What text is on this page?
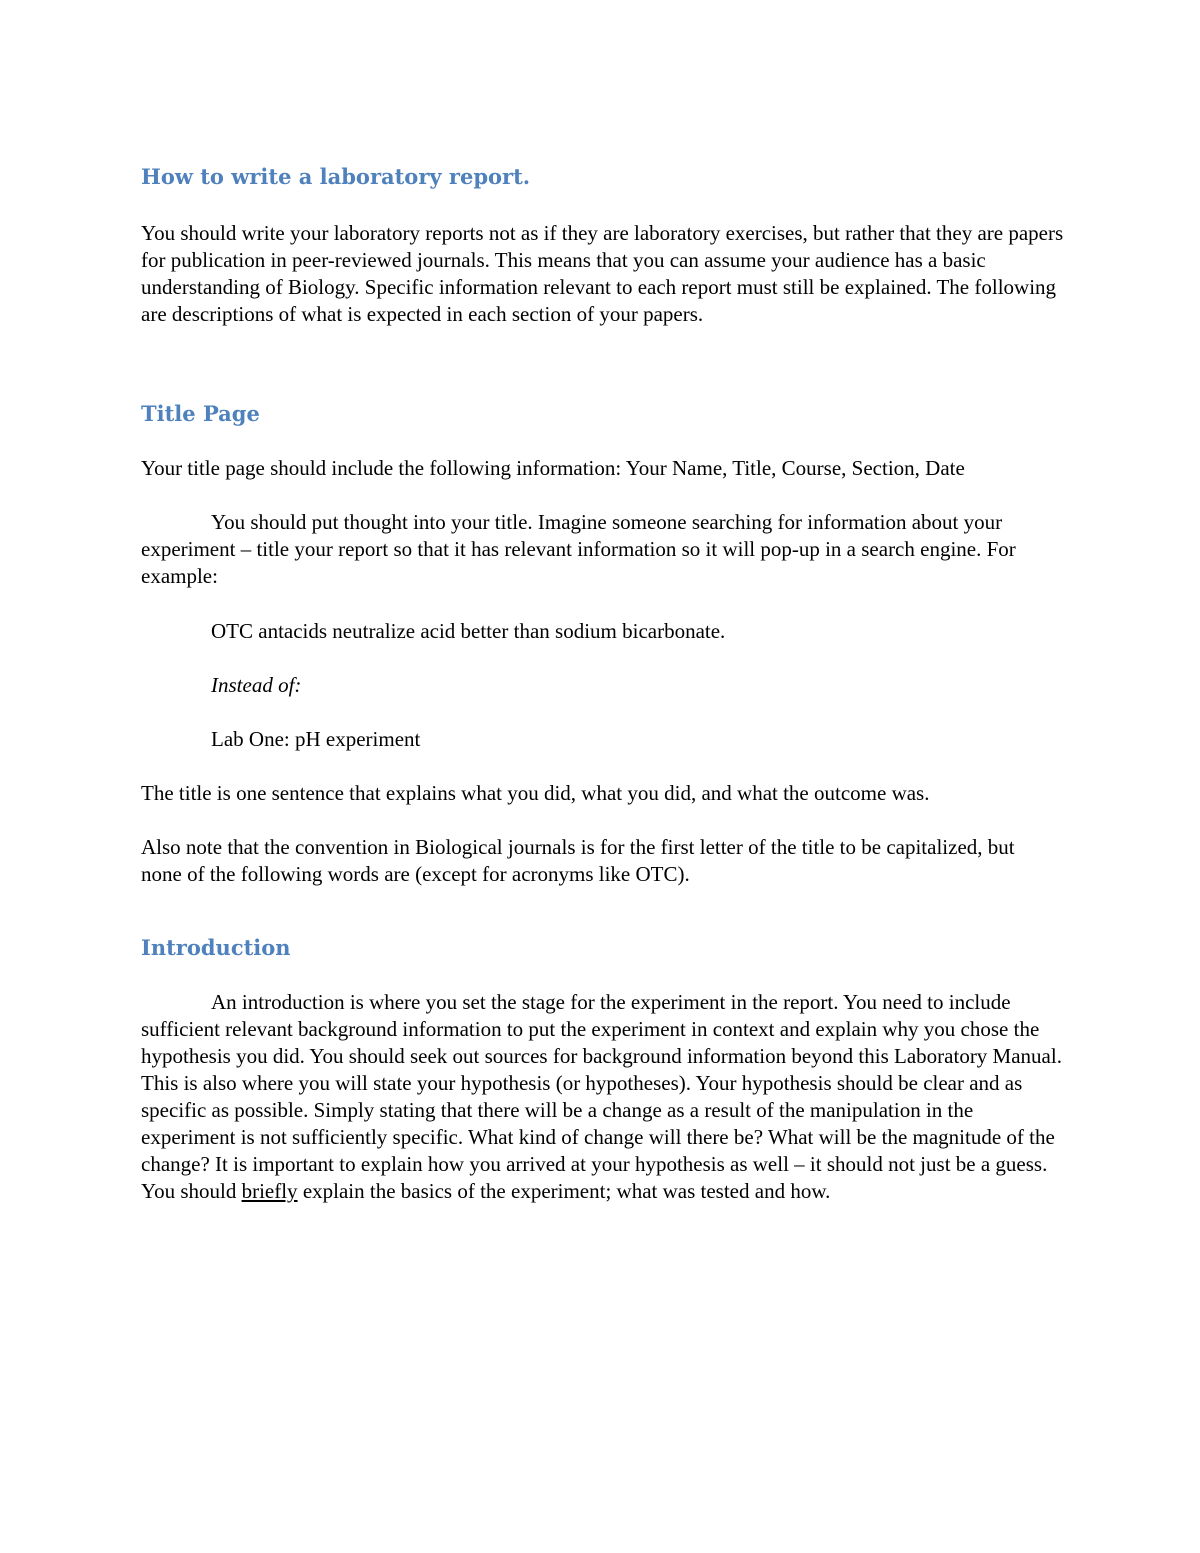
How to write a laboratory report.

You should write your laboratory reports not as if they are laboratory exercises, but rather that they are papers for publication in peer-reviewed journals. This means that you can assume your audience has a basic understanding of Biology. Specific information relevant to each report must still be explained. The following are descriptions of what is expected in each section of your papers.

Title Page

Your title page should include the following information: Your Name, Title, Course, Section, Date

You should put thought into your title. Imagine someone searching for information about your experiment – title your report so that it has relevant information so it will pop-up in a search engine. For example:

OTC antacids neutralize acid better than sodium bicarbonate.

Instead of:

Lab One: pH experiment

The title is one sentence that explains what you did, what you did, and what the outcome was.

Also note that the convention in Biological journals is for the first letter of the title to be capitalized, but none of the following words are (except for acronyms like OTC).

Introduction

An introduction is where you set the stage for the experiment in the report. You need to include sufficient relevant background information to put the experiment in context and explain why you chose the hypothesis you did. You should seek out sources for background information beyond this Laboratory Manual. This is also where you will state your hypothesis (or hypotheses). Your hypothesis should be clear and as specific as possible. Simply stating that there will be a change as a result of the manipulation in the experiment is not sufficiently specific. What kind of change will there be? What will be the magnitude of the change? It is important to explain how you arrived at your hypothesis as well – it should not just be a guess. You should briefly explain the basics of the experiment; what was tested and how.
